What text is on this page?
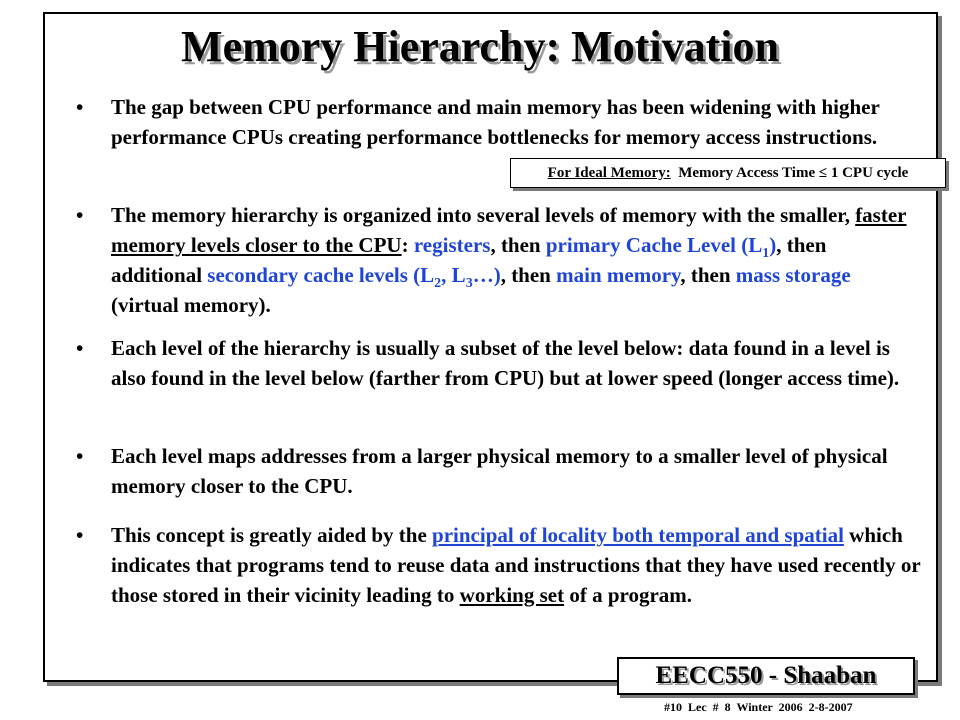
Memory Hierarchy: Motivation
• The gap between CPU performance and main memory has been widening with higher performance CPUs creating performance bottlenecks for memory access instructions.
For Ideal Memory: Memory Access Time ≤ 1 CPU cycle
• The memory hierarchy is organized into several levels of memory with the smaller, faster memory levels closer to the CPU: registers, then primary Cache Level $(L_1)$, then additional secondary cache levels ($L_2$, $L_3\dots$), then main memory, then mass storage (virtual memory).
• Each level of the hierarchy is usually a subset of the level below: data found in a level is also found in the level below (farther from CPU) but at lower speed (longer access time).
• Each level maps addresses from a larger physical memory to a smaller level of physical memory closer to the CPU.
• This concept is greatly aided by the principal of locality both temporal and spatial which indicates that programs tend to reuse data and instructions that they have used recently or those stored in their vicinity leading to working set of a program.
EECC550 - Shaaban
#10 Lec # 8 Winter 2006 2-8-2007
